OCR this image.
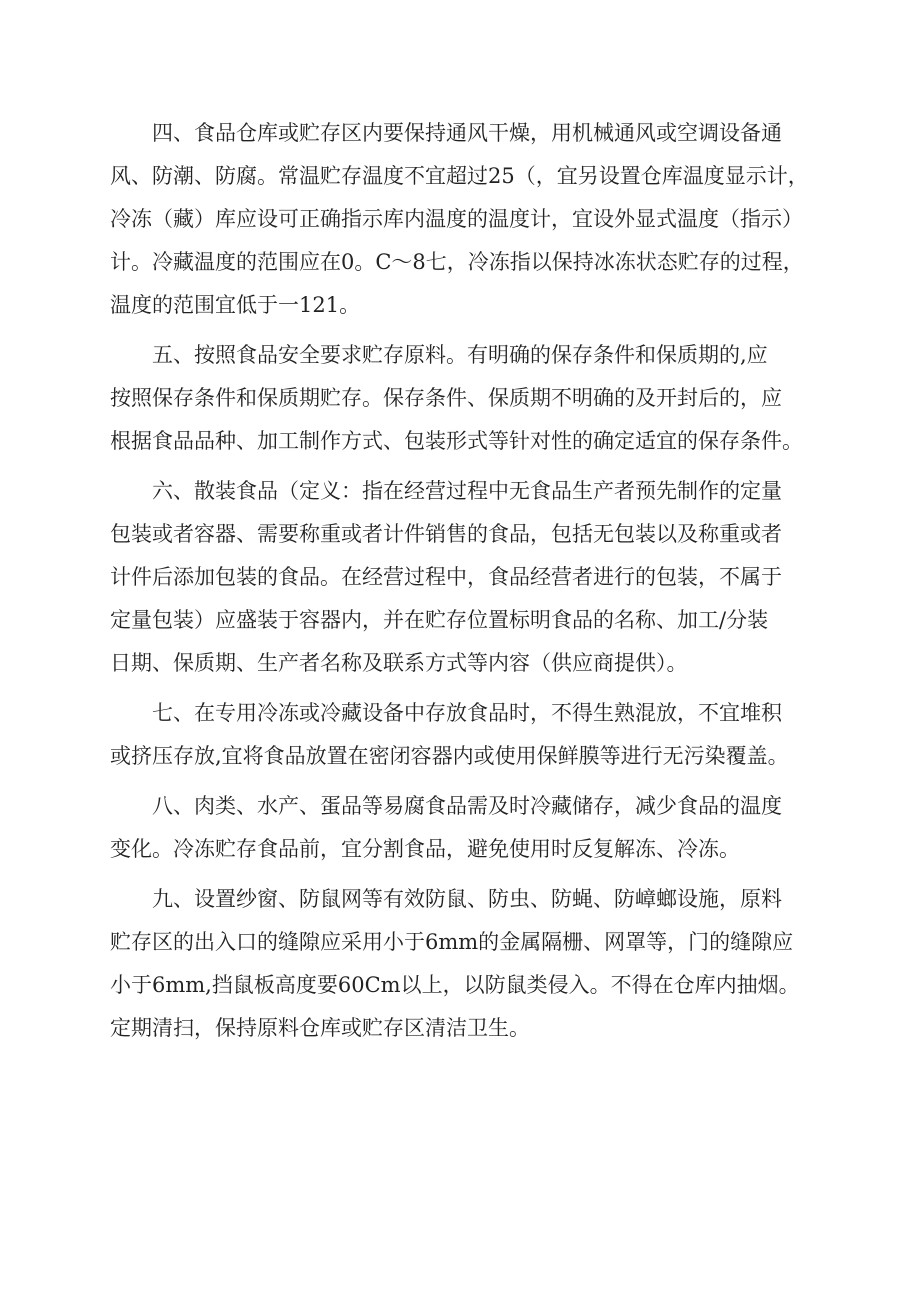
四、食品仓库或贮存区内要保持通风干燥，用机械通风或空调设备通
风、防潮、防腐。常温贮存温度不宜超过25（，宜另设置仓库温度显示计，
冷冻（藏）库应设可正确指示库内温度的温度计，宜设外显式温度（指示）
计。冷藏温度的范围应在0。C～8七，冷冻指以保持冰冻状态贮存的过程，
温度的范围宜低于一121。
五、按照食品安全要求贮存原料。有明确的保存条件和保质期的,应
按照保存条件和保质期贮存。保存条件、保质期不明确的及开封后的，应
根据食品品种、加工制作方式、包装形式等针对性的确定适宜的保存条件。
六、散装食品（定义：指在经营过程中无食品生产者预先制作的定量
包装或者容器、需要称重或者计件销售的食品，包括无包装以及称重或者
计件后添加包装的食品。在经营过程中，食品经营者进行的包装，不属于
定量包装）应盛装于容器内，并在贮存位置标明食品的名称、加工/分装
日期、保质期、生产者名称及联系方式等内容（供应商提供）。
七、在专用冷冻或冷藏设备中存放食品时，不得生熟混放，不宜堆积
或挤压存放,宜将食品放置在密闭容器内或使用保鲜膜等进行无污染覆盖。
八、肉类、水产、蛋品等易腐食品需及时冷藏储存，减少食品的温度
变化。冷冻贮存食品前，宜分割食品，避免使用时反复解冻、冷冻。
九、设置纱窗、防鼠网等有效防鼠、防虫、防蝇、防嶂螂设施，原料
贮存区的出入口的缝隙应采用小于6mm的金属隔栅、网罩等，门的缝隙应
小于6mm,挡鼠板高度要60Cm以上，以防鼠类侵入。不得在仓库内抽烟。
定期清扫，保持原料仓库或贮存区清洁卫生。
